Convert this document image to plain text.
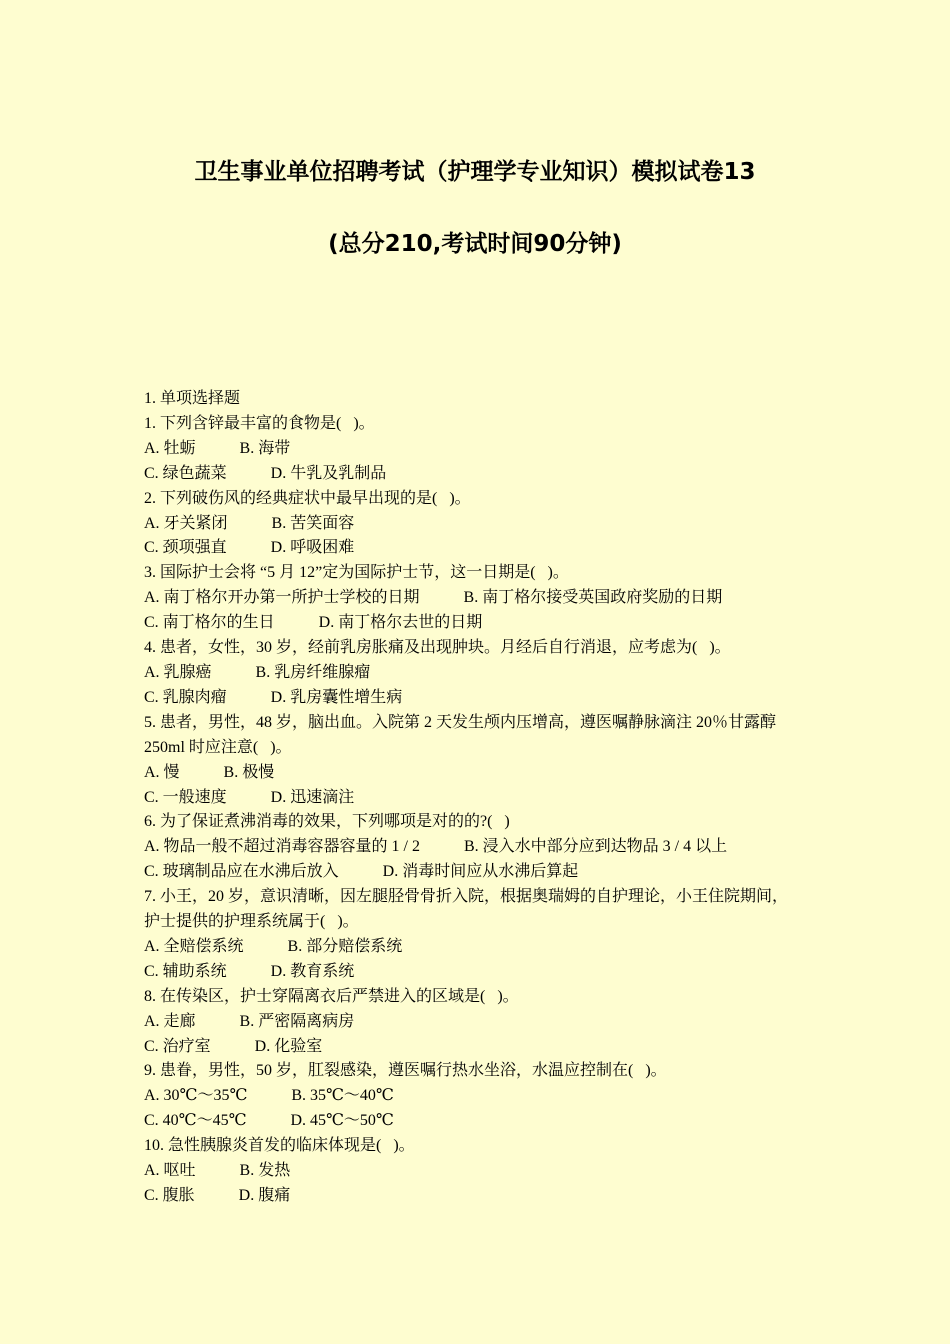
卫生事业单位招聘考试（护理学专业知识）模拟试卷13
(总分210,考试时间90分钟)
1. 单项选择题
1. 下列含锌最丰富的食物是(   )。
A. 牡蛎           B. 海带
C. 绿色蔬菜           D. 牛乳及乳制品
2. 下列破伤风的经典症状中最早出现的是(   )。
A. 牙关紧闭           B. 苦笑面容
C. 颈项强直           D. 呼吸困难
3. 国际护士会将 “5 月 12”定为国际护士节，这一日期是(   )。
A. 南丁格尔开办第一所护士学校的日期           B. 南丁格尔接受英国政府奖励的日期
C. 南丁格尔的生日           D. 南丁格尔去世的日期
4. 患者，女性，30 岁，经前乳房胀痛及出现肿块。月经后自行消退，应考虑为(   )。
A. 乳腺癌           B. 乳房纤维腺瘤
C. 乳腺肉瘤           D. 乳房囊性增生病
5. 患者，男性，48 岁，脑出血。入院第 2 天发生颅内压增高，遵医嘱静脉滴注 20％甘露醇
250ml 时应注意(   )。
A. 慢           B. 极慢
C. 一般速度           D. 迅速滴注
6. 为了保证煮沸消毒的效果，下列哪项是对的的?(   )
A. 物品一般不超过消毒容器容量的 1 / 2           B. 浸入水中部分应到达物品 3 / 4 以上
C. 玻璃制品应在水沸后放入           D. 消毒时间应从水沸后算起
7. 小王，20 岁，意识清晰，因左腿胫骨骨折入院，根据奥瑞姆的自护理论，小王住院期间，
护士提供的护理系统属于(   )。
A. 全赔偿系统           B. 部分赔偿系统
C. 辅助系统           D. 教育系统
8. 在传染区，护士穿隔离衣后严禁进入的区域是(   )。
A. 走廊           B. 严密隔离病房
C. 治疗室           D. 化验室
9. 患眷，男性，50 岁，肛裂感染，遵医嘱行热水坐浴，水温应控制在(   )。
A. 30℃～35℃           B. 35℃～40℃
C. 40℃～45℃           D. 45℃～50℃
10. 急性胰腺炎首发的临床体现是(   )。
A. 呕吐           B. 发热
C. 腹胀           D. 腹痛
